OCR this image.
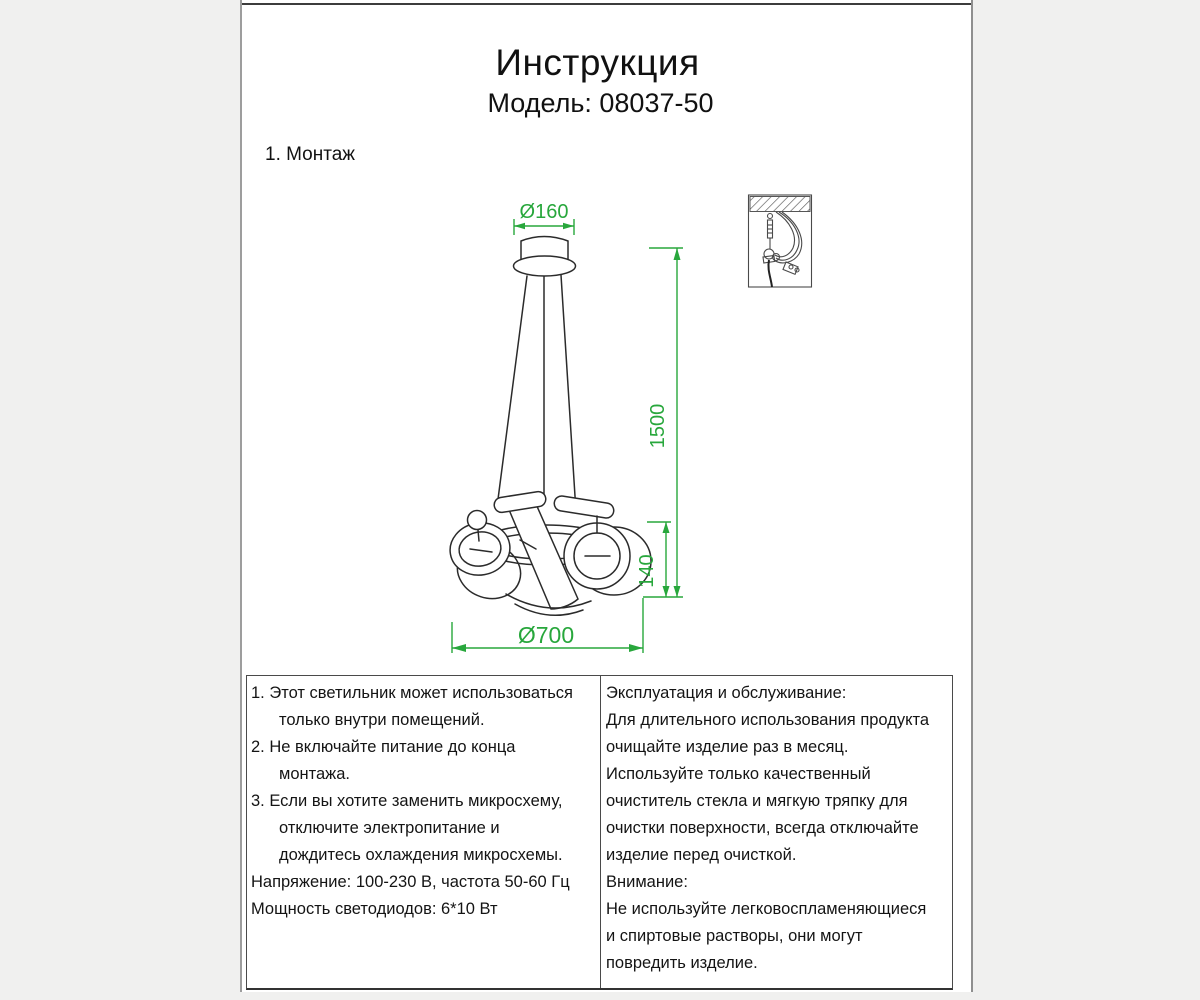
Инструкция
Модель: 08037-50
1. Монтаж
1. Этот светильник может использоваться
только внутри помещений.
2. Не включайте питание до конца
монтажа.
3. Если вы хотите заменить микросхему,
отключите электропитание и
дождитесь охлаждения микросхемы.
Напряжение: 100-230 В, частота 50-60 Гц
Мощность светодиодов: 6*10 Вт
Эксплуатация и обслуживание:
Для длительного использования продукта
очищайте изделие раз в месяц.
Используйте только качественный
очиститель стекла и мягкую тряпку для
очистки поверхности, всегда отключайте
изделие перед очисткой.
Внимание:
Не используйте легковоспламеняющиеся
и спиртовые растворы, они могут
повредить изделие.
Ø160
1500
140
Ø700
